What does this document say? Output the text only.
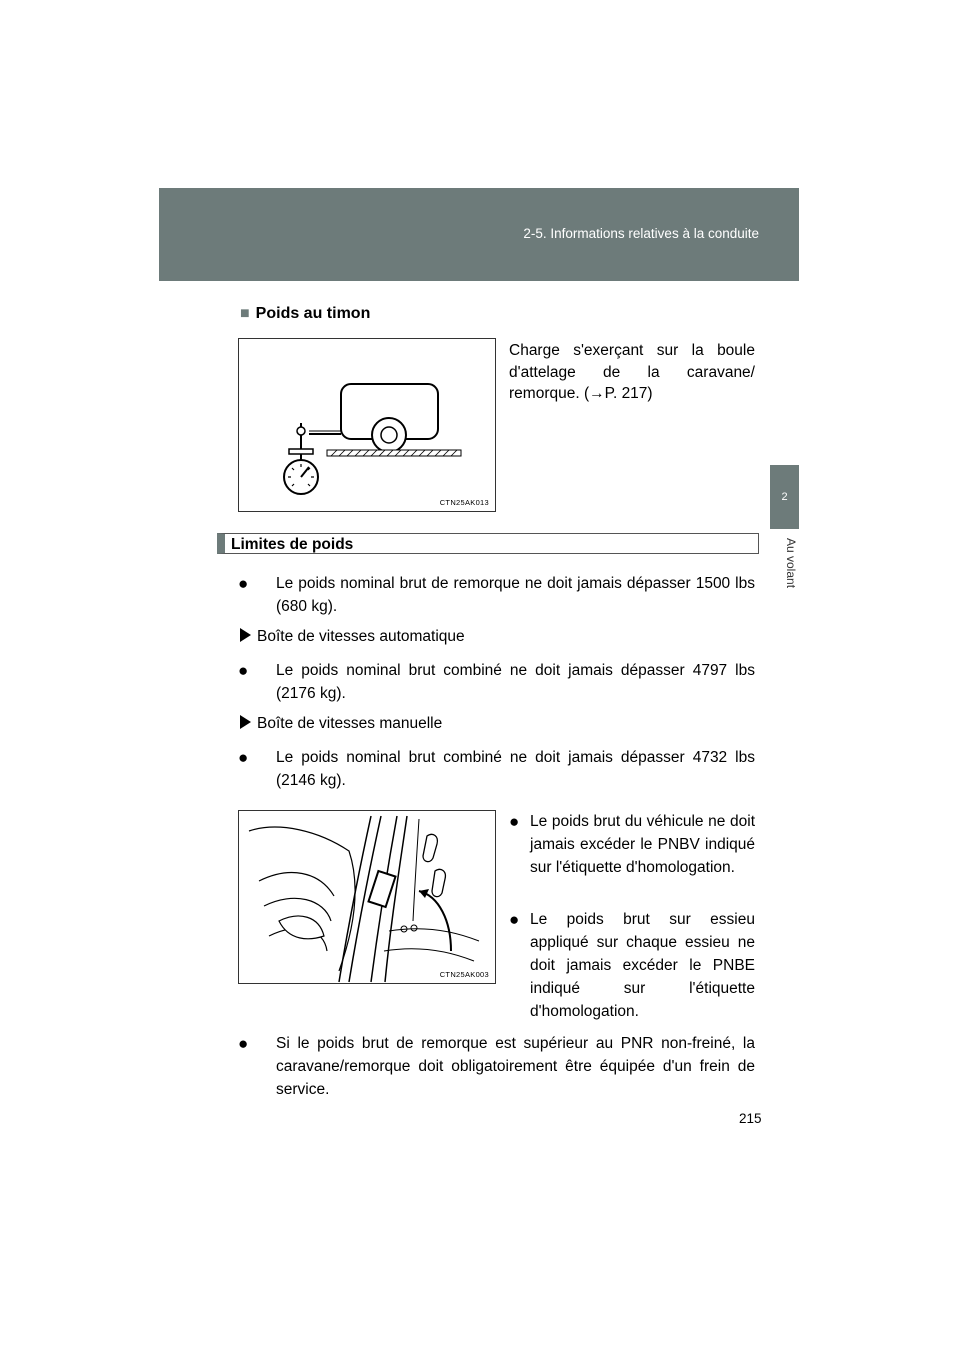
2-5. Informations relatives à la conduite
2
Au volant
■ Poids au timon
CTN25AK013
Charge s'exerçant sur la boule d'attelage de la caravane/ remorque. (→P. 217)
Limites de poids
● Le poids nominal brut de remorque ne doit jamais dépasser 1500 lbs (680 kg).
Boîte de vitesses automatique
● Le poids nominal brut combiné ne doit jamais dépasser 4797 lbs (2176 kg).
Boîte de vitesses manuelle
● Le poids nominal brut combiné ne doit jamais dépasser 4732 lbs (2146 kg).
CTN25AK003
● Le poids brut du véhicule ne doit jamais excéder le PNBV indiqué sur l'étiquette d'homologation.
● Le poids brut sur essieu appliqué sur chaque essieu ne doit jamais excéder le PNBE indiqué sur l'étiquette d'homologation.
● Si le poids brut de remorque est supérieur au PNR non-freiné, la caravane/remorque doit obligatoirement être équipée d'un frein de service.
215
